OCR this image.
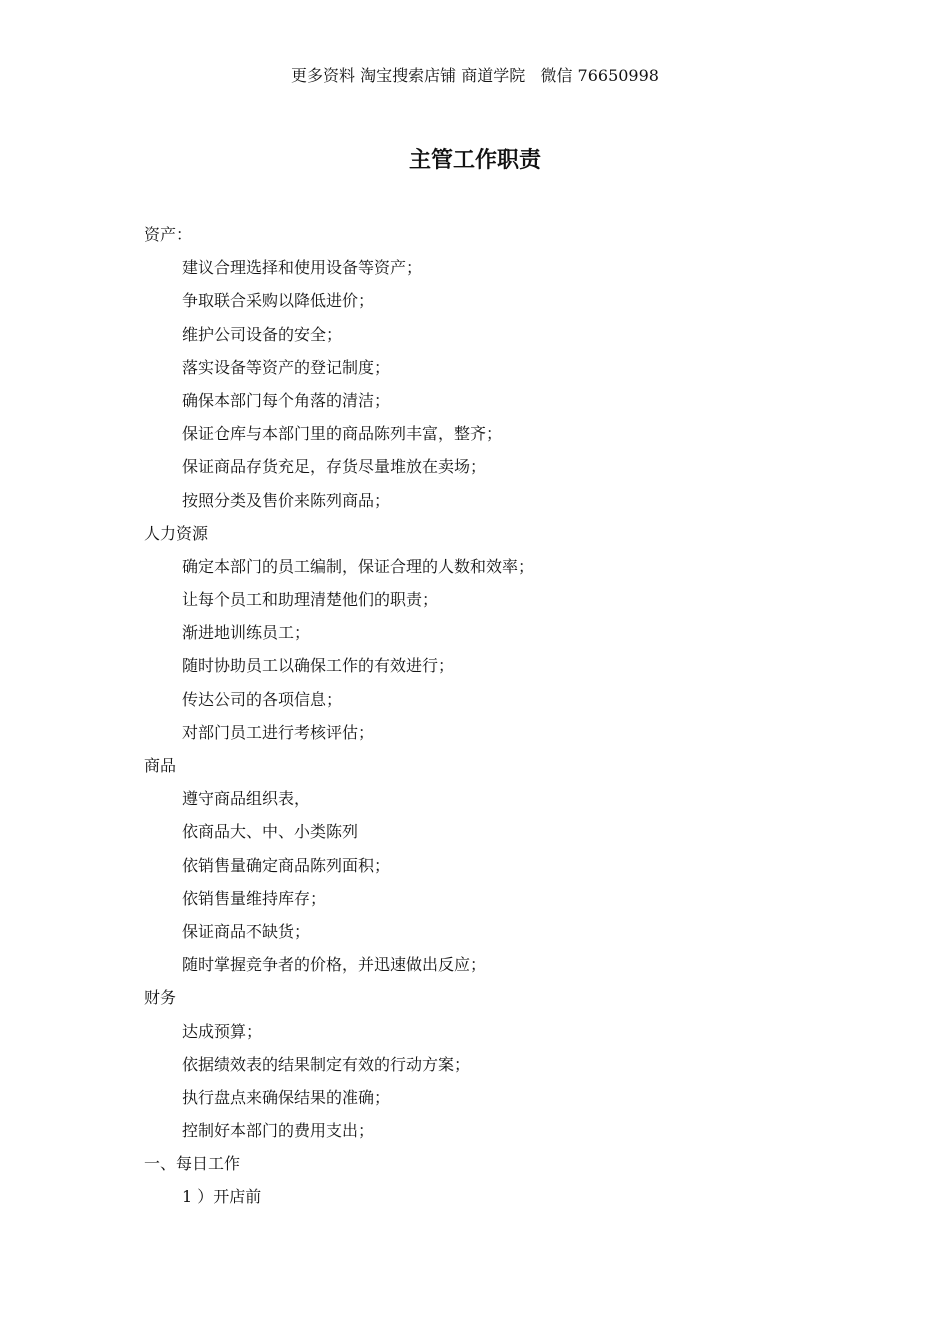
更多资料 淘宝搜索店铺 商道学院   微信 76650998
主管工作职责
资产：
建议合理选择和使用设备等资产；
争取联合采购以降低进价；
维护公司设备的安全；
落实设备等资产的登记制度；
确保本部门每个角落的清洁；
保证仓库与本部门里的商品陈列丰富，整齐；
保证商品存货充足，存货尽量堆放在卖场；
按照分类及售价来陈列商品；
人力资源
确定本部门的员工编制，保证合理的人数和效率；
让每个员工和助理清楚他们的职责；
渐进地训练员工；
随时协助员工以确保工作的有效进行；
传达公司的各项信息；
对部门员工进行考核评估；
商品
遵守商品组织表，
依商品大、中、小类陈列
依销售量确定商品陈列面积；
依销售量维持库存；
保证商品不缺货；
随时掌握竞争者的价格，并迅速做出反应；
财务
达成预算；
依据绩效表的结果制定有效的行动方案；
执行盘点来确保结果的准确；
控制好本部门的费用支出；
一、每日工作
1 ）开店前
